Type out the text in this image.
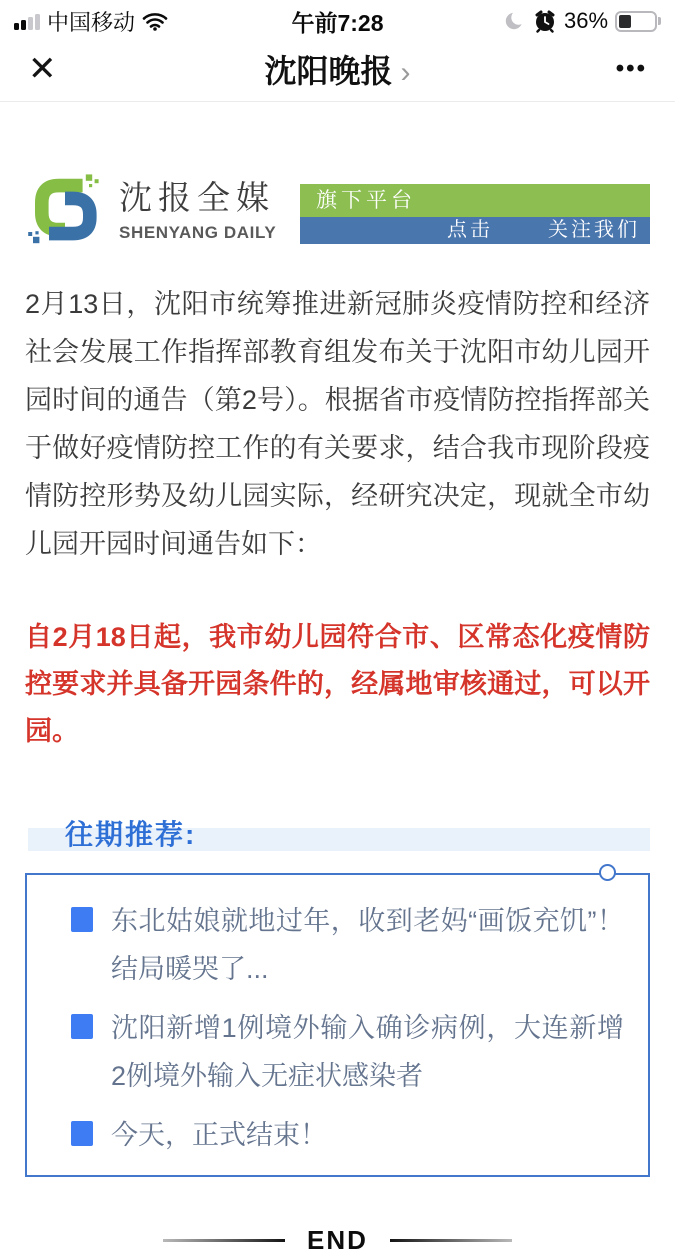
中国移动	午前7:28	36%
✕	沈阳晚报 ›	•••
沈报全媒
SHENYANG DAILY
旗下平台
点击	关注我们

2月13日，沈阳市统筹推进新冠肺炎疫情防控和经济社会发展工作指挥部教育组发布关于沈阳市幼儿园开园时间的通告（第2号）。根据省市疫情防控指挥部关于做好疫情防控工作的有关要求，结合我市现阶段疫情防控形势及幼儿园实际，经研究决定，现就全市幼儿园开园时间通告如下：

自2月18日起，我市幼儿园符合市、区常态化疫情防控要求并具备开园条件的，经属地审核通过，可以开园。

往期推荐:
东北姑娘就地过年，收到老妈“画饭充饥”！结局暖哭了...
沈阳新增1例境外输入确诊病例，大连新增2例境外输入无症状感染者
今天，正式结束！
END
